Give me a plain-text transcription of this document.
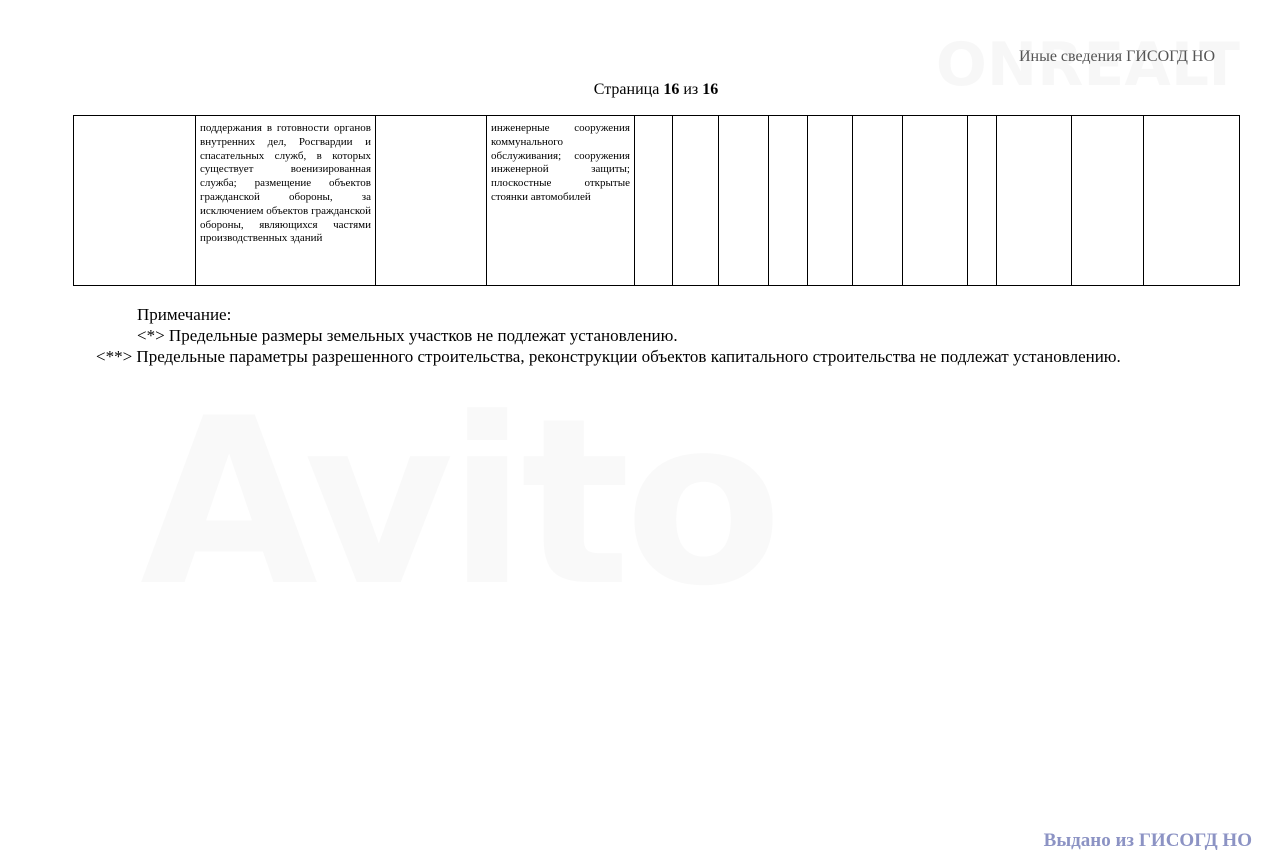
Иные сведения ГИСОГД НО
Страница 16 из 16
	поддержания в готовности органов внутренних дел, Росгвардии и спасательных служб, в которых существует военизированная служба; размещение объектов гражданской обороны, за исключением объектов гражданской обороны, являющихся частями производственных зданий		инженерные сооружения коммунального обслуживания; сооружения инженерной защиты; плоскостные открытые стоянки автомобилей											
Примечание:
<*> Предельные размеры земельных участков не подлежат установлению.
<**> Предельные параметры разрешенного строительства, реконструкции объектов капитального строительства не подлежат установлению.
Выдано из ГИСОГД НО
